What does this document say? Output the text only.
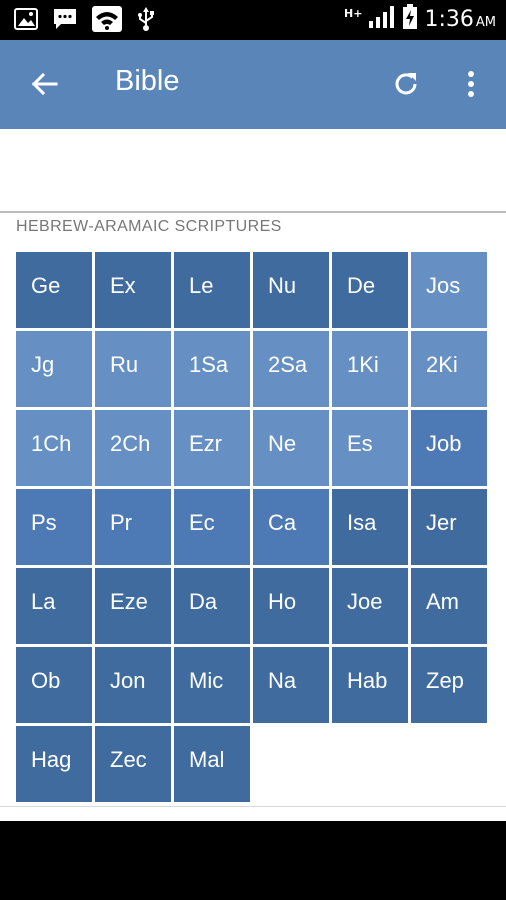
H+	1:36 AM
Bible
HEBREW-ARAMAIC SCRIPTURES
Ge Ex Le Nu De Jos
Jg	Ru 1Sa 2Sa 1Ki 2Ki
1Ch 2Ch Ezr Ne Es Job
Ps Pr	Ec Ca Isa Jer
La Eze Da Ho Joe Am
Ob Jon Mic Na Hab Zep
Hag Zec Mal
